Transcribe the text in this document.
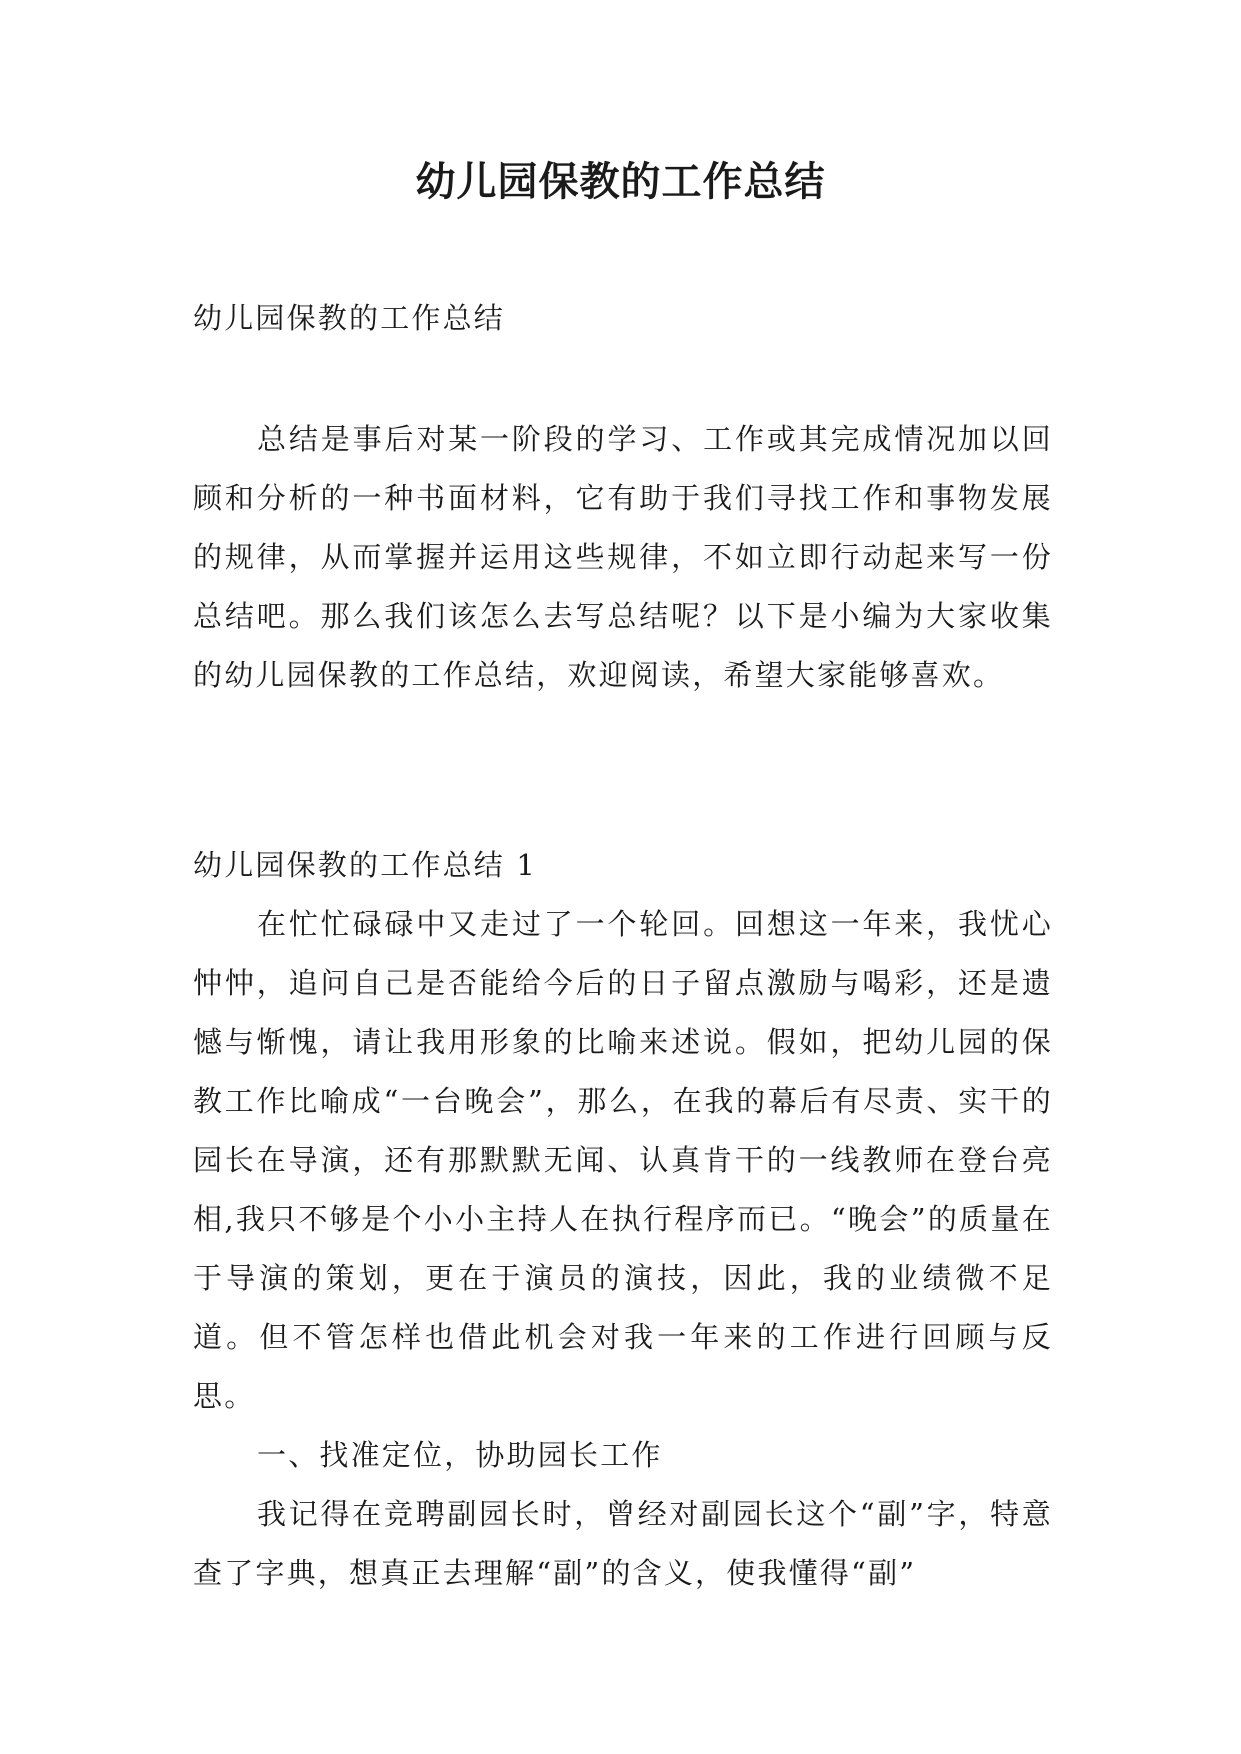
幼儿园保教的工作总结
幼儿园保教的工作总结

总结是事后对某一阶段的学习、工作或其完成情况加以回顾和分析的一种书面材料，它有助于我们寻找工作和事物发展的规律，从而掌握并运用这些规律，不如立即行动起来写一份总结吧。那么我们该怎么去写总结呢？以下是小编为大家收集的幼儿园保教的工作总结，欢迎阅读，希望大家能够喜欢。

幼儿园保教的工作总结 1

在忙忙碌碌中又走过了一个轮回。回想这一年来，我忧心忡忡，追问自己是否能给今后的日子留点激励与喝彩，还是遗憾与惭愧，请让我用形象的比喻来述说。假如，把幼儿园的保教工作比喻成“一台晚会”，那么，在我的幕后有尽责、实干的园长在导演，还有那默默无闻、认真肯干的一线教师在登台亮相,我只不够是个小小主持人在执行程序而已。“晚会”的质量在于导演的策划，更在于演员的演技，因此，我的业绩微不足道。但不管怎样也借此机会对我一年来的工作进行回顾与反思。

一、找准定位，协助园长工作

我记得在竞聘副园长时，曾经对副园长这个“副”字，特意查了字典，想真正去理解“副”的含义，使我懂得“副”
